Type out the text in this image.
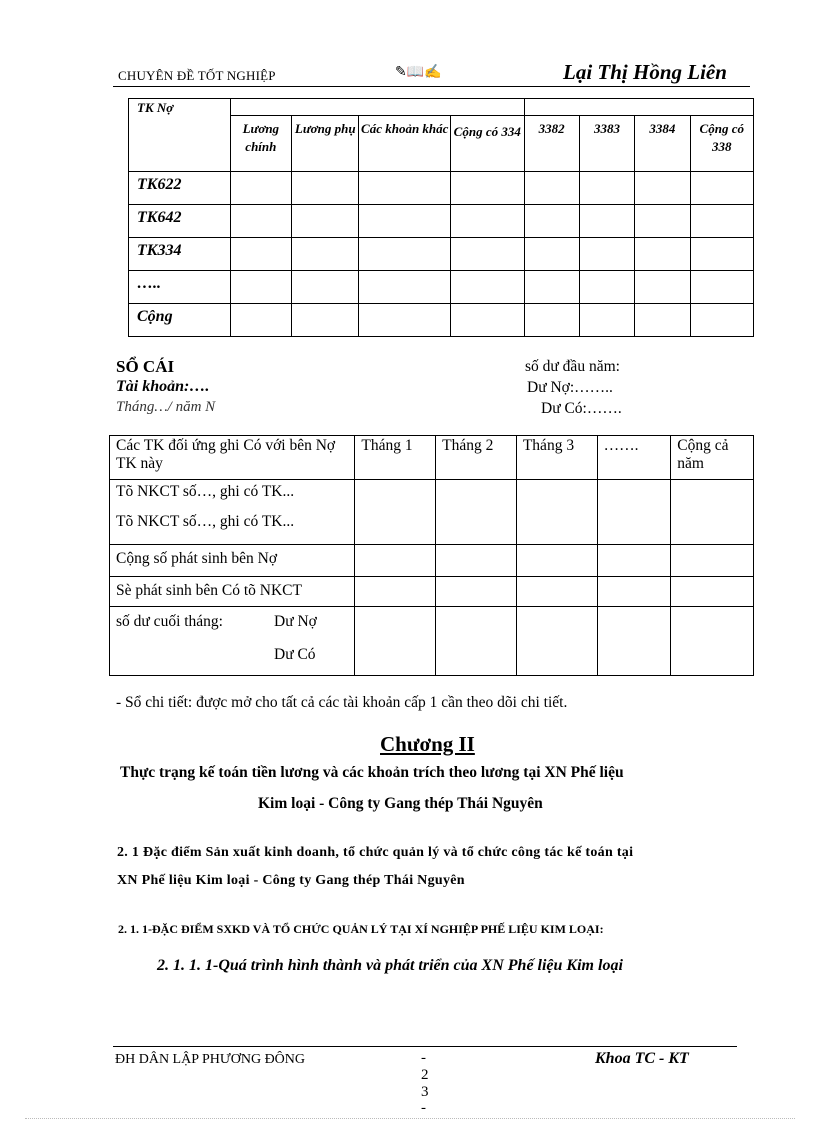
CHUYÊN ĐỀ TỐT NGHIỆP	✎📖✍	Lại Thị Hồng Liên
TK Nợ								
	Lương chính	Lương phụ	Các khoản khác	Cộng có 334	3382	3383	3384	Cộng có 338
TK622								
TK642								
TK334								
…..								
Cộng								
SỔ CÁI
Tài khoản:….
Tháng…/ năm N
số dư đầu năm:
Dư Nợ:……..
Dư Có:…….
Các TK đối ứng ghi Có với bên Nợ TK này	Tháng 1	Tháng 2	Tháng 3	…….	Cộng cả năm

Tõ NKCT số…, ghi có TK...
Tõ NKCT số…, ghi có TK...					

Cộng số phát sinh bên Nợ					
Sè phát sinh bên Có tõ NKCT					

số dư cuối tháng: Dư Nợ
Dư Có					

- Sổ chi tiết: được mở cho tất cả các tài khoản cấp 1 cần theo dõi chi tiết.
Chương II
Thực trạng kế toán tiền lương và các khoản trích theo lương tại XN Phế liệu
Kim loại - Công ty Gang thép Thái Nguyên
2. 1 Đặc điểm Sản xuất kinh doanh, tổ chức quản lý và tổ chức công tác kế toán tại
XN Phế liệu Kim loại - Công ty Gang thép Thái Nguyên
2. 1. 1-ĐẶC ĐIỂM SXKD VÀ TỔ CHỨC QUẢN LÝ TẠI XÍ NGHIỆP PHẾ LIỆU KIM LOẠI:
2. 1. 1. 1-Quá trình hình thành và phát triển của XN Phế liệu Kim loại
ĐH DÂN LẬP PHƯƠNG ĐÔNG	Khoa TC - KT
-
2
3
-
